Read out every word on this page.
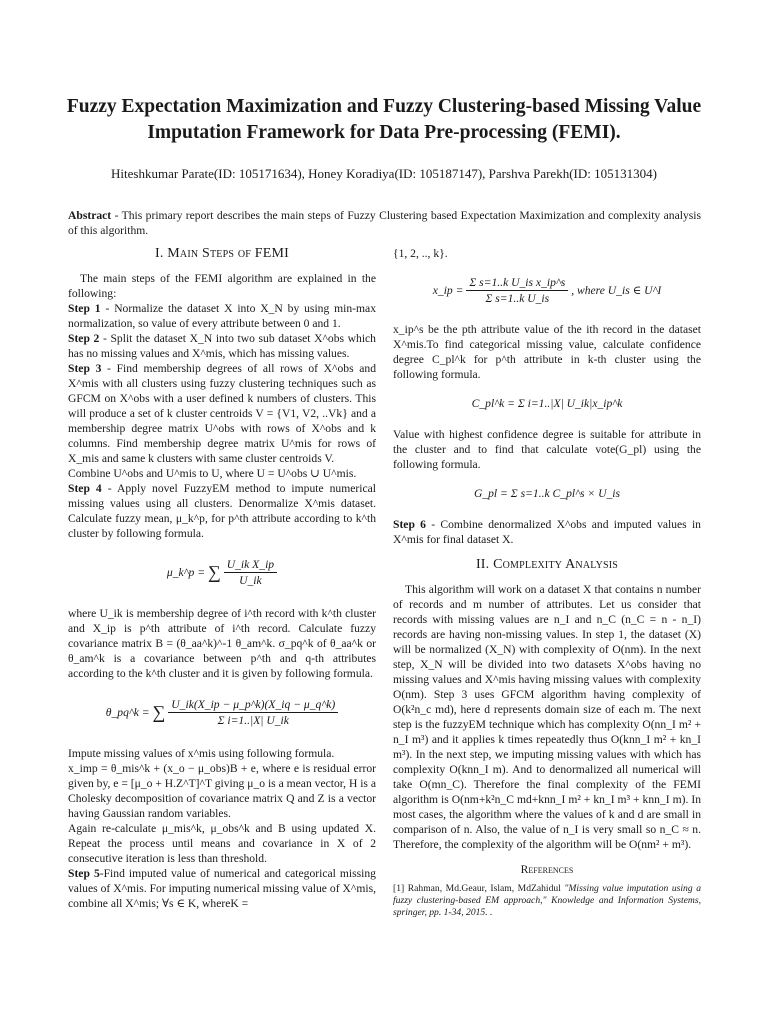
Fuzzy Expectation Maximization and Fuzzy Clustering-based Missing Value Imputation Framework for Data Pre-processing (FEMI).
Hiteshkumar Parate(ID: 105171634), Honey Koradiya(ID: 105187147), Parshva Parekh(ID: 105131304)
Abstract - This primary report describes the main steps of Fuzzy Clustering based Expectation Maximization and complexity analysis of this algorithm.
I. Main Steps of FEMI

The main steps of the FEMI algorithm are explained in the following:

Step 1 - Normalize the dataset X into X_N by using min-max normalization, so value of every attribute between 0 and 1.

Step 2 - Split the dataset X_N into two sub dataset X^obs which has no missing values and X^mis, which has missing values.

Step 3 - Find membership degrees of all rows of X^obs and X^mis with all clusters using fuzzy clustering techniques such as GFCM on X^obs with a user defined k numbers of clusters. This will produce a set of k cluster centroids V = {V1, V2, ..Vk} and a membership degree matrix U^obs with rows of X^obs and k columns. Find membership degree matrix U^mis for rows of X_mis and same k clusters with same cluster centroids V.

Combine U^obs and U^mis to U, where U = U^obs ∪ U^mis.

Step 4 - Apply novel FuzzyEM method to impute numerical missing values using all clusters. Denormalize X^mis dataset. Calculate fuzzy mean, μ_k^p, for p^th attribute according to k^th cluster by following formula.

μ_k^p = ∑ $\frac{\text{U\_ik X\_ip}}{U\_ik}$

where U_ik is membership degree of i^th record with k^th cluster and X_ip is p^th attribute of i^th record. Calculate fuzzy covariance matrix B = (θ_aa^k)^-1 θ_am^k. σ_pq^k of θ_aa^k or θ_am^k is a covariance between p^th and q-th attributes according to the k^th cluster and it is given by following formula.

θ_pq^k = ∑ $\frac{U\_ik(X\_ip - \mu\_p\^{}k)(X\_iq - \mu\_q\^{}k)}{\text{Σ i=1..|X| U\_ik}}$

Impute missing values of x^mis using following formula.

x_imp = θ_mis^k + (x_o − μ_obs)B + e, where e is residual error given by, e = [μ_o + H.Z^T]^T giving μ_o is a mean vector, H is a Cholesky decomposition of covariance matrix Q and Z is a vector having Gaussian random variables.

Again re-calculate μ_mis^k, μ_obs^k and B using updated X. Repeat the process until means and covariance in X of 2 consecutive iteration is less than threshold.

Step 5-Find imputed value of numerical and categorical missing values of X^mis. For imputing numerical missing value of X^mis, combine all X^mis; ∀s ∈ K, whereK =

{1, 2, .., k}.

x_ip = $\frac{\text{Σ s=1..k U\_is x\_ip\textasciicircum{}s}}{\text{Σ s=1..k U\_is}}$ , where U_is ∈ U^I

x_ip^s be the pth attribute value of the ith record in the dataset X^mis.To find categorical missing value, calculate confidence degree C_pl^k for p^th attribute in k-th cluster using the following formula.

C_pl^k = Σ i=1..|X| U_ik|x_ip^k

Value with highest confidence degree is suitable for attribute in the cluster and to find that calculate vote(G_pl) using the following formula.

G_pl = Σ s=1..k C_pl^s × U_is

Step 6 - Combine denormalized X^obs and imputed values in X^mis for final dataset X.

II. Complexity Analysis

This algorithm will work on a dataset X that contains n number of records and m number of attributes. Let us consider that records with missing values are n_I and n_C (n_C = n - n_I) records are having non-missing values. In step 1, the dataset (X) will be normalized (X_N) with complexity of O(nm). In the next step, X_N will be divided into two datasets X^obs having no missing values and X^mis having missing values with complexity O(nm). Step 3 uses GFCM algorithm having complexity of O(k²n_c md), here d represents domain size of each m. The next step is the fuzzyEM technique which has complexity O(nn_I m² + n_I m³) and it applies k times repeatedly thus O(knn_I m² + kn_I m³). In the next step, we imputing missing values with which has complexity O(knn_I m). And to denormalized all numerical will take O(mn_C). Therefore the final complexity of the FEMI algorithm is O(nm+k²n_C md+knn_I m² + kn_I m³ + knn_I m). In most cases, the algorithm where the values of k and d are small in comparison of n. Also, the value of n_I is very small so n_C ≈ n. Therefore, the complexity of the algorithm will be O(nm² + m³).

References
[1] Rahman, Md.Geaur, Islam, MdZahidul "Missing value imputation using a fuzzy clustering-based EM approach," Knowledge and Information Systems, springer, pp. 1-34, 2015. .
